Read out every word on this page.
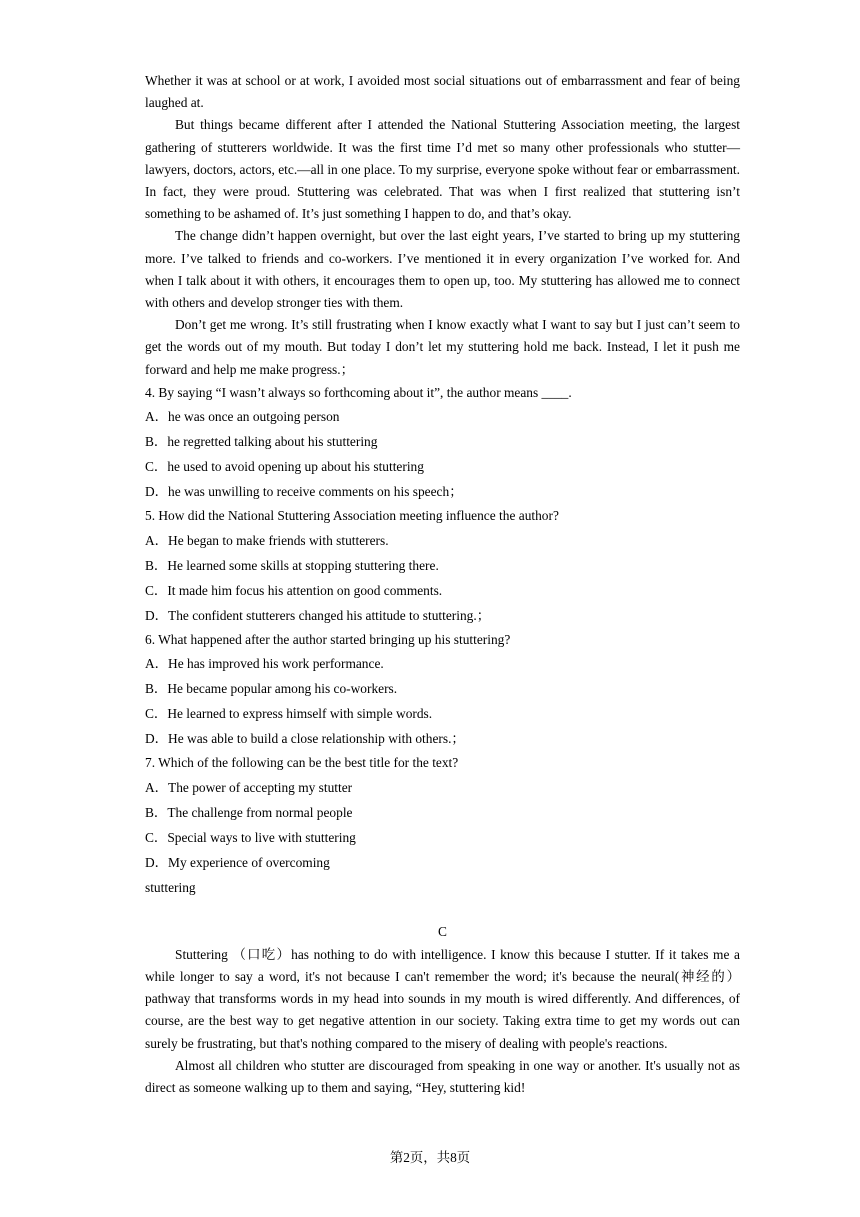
Whether it was at school or at work, I avoided most social situations out of embarrassment and fear of being laughed at.

But things became different after I attended the National Stuttering Association meeting, the largest gathering of stutterers worldwide. It was the first time I’d met so many other professionals who stutter—lawyers, doctors, actors, etc.—all in one place. To my surprise, everyone spoke without fear or embarrassment. In fact, they were proud. Stuttering was celebrated. That was when I first realized that stuttering isn’t something to be ashamed of. It’s just something I happen to do, and that’s okay.

The change didn’t happen overnight, but over the last eight years, I’ve started to bring up my stuttering more. I’ve talked to friends and co-workers. I’ve mentioned it in every organization I’ve worked for. And when I talk about it with others, it encourages them to open up, too. My stuttering has allowed me to connect with others and develop stronger ties with them.

Don’t get me wrong. It’s still frustrating when I know exactly what I want to say but I just can’t seem to get the words out of my mouth. But today I don’t let my stuttering hold me back. Instead, I let it push me forward and help me make progress.；

4. By saying “I wasn’t always so forthcoming about it”, the author means ____.

A．he was once an outgoing person

B．he regretted talking about his stuttering

C．he used to avoid opening up about his stuttering

D．he was unwilling to receive comments on his speech；

5. How did the National Stuttering Association meeting influence the author?

A．He began to make friends with stutterers.

B．He learned some skills at stopping stuttering there.

C．It made him focus his attention on good comments.

D．The confident stutterers changed his attitude to stuttering.；

6. What happened after the author started bringing up his stuttering?

A．He has improved his work performance.

B．He became popular among his co-workers.

C．He learned to express himself with simple words.

D．He was able to build a close relationship with others.；

7. Which of the following can be the best title for the text?

A．The power of accepting my stutter

B．The challenge from normal people

C．Special ways to live with stuttering

D．My experience of overcoming

stuttering

C

Stuttering （口吃）has nothing to do with intelligence. I know this because I stutter. If it takes me a while longer to say a word, it's not because I can't remember the word; it's because the neural(神经的） pathway that transforms words in my head into sounds in my mouth is wired differently. And differences, of course, are the best way to get negative attention in our society. Taking extra time to get my words out can surely be frustrating, but that's nothing compared to the misery of dealing with people's reactions.

Almost all children who stutter are discouraged from speaking in one way or another. It's usually not as direct as someone walking up to them and saying, “Hey, stuttering kid!

第2页，共8页
